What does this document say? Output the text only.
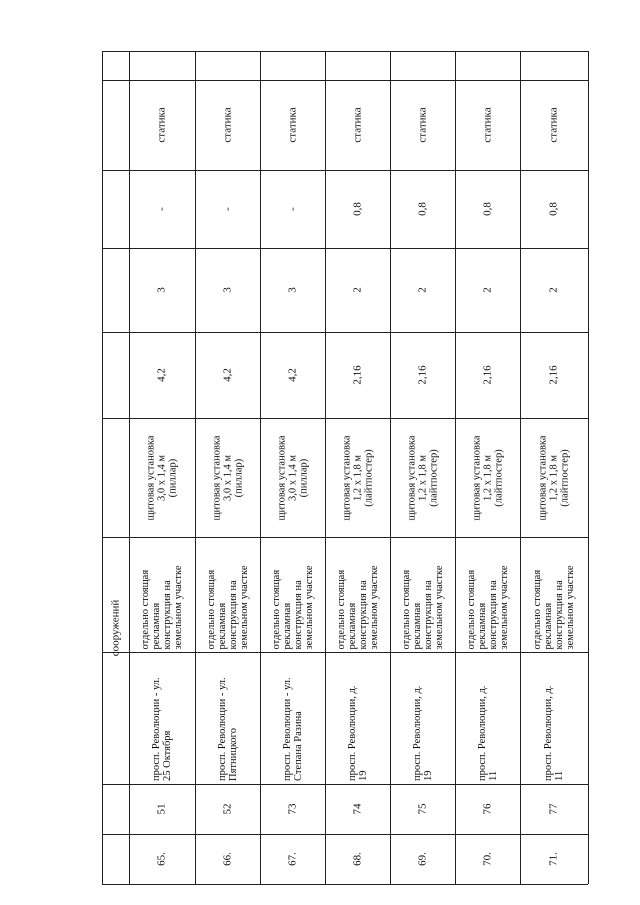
сооружений
статика
-
3
4,2
щитовая установка
3,0 х 1,4 м
(пиллар)
отдельно стоящая
рекламная
конструкция на
земельном участке
просп. Революции - ул.
25 Октября
51
65.
статика
-
3
4,2
щитовая установка
3,0 х 1,4 м
(пиллар)
отдельно стоящая
рекламная
конструкция на
земельном участке
просп. Революции - ул.
Пятницкого
52
66.
статика
-
3
4,2
щитовая установка
3,0 х 1,4 м
(пиллар)
отдельно стоящая
рекламная
конструкция на
земельном участке
просп. Революции - ул.
Степана Разина
73
67.
статика
0,8
2
2,16
щитовая установка
1,2 х 1,8 м
(лайтпостер)
отдельно стоящая
рекламная
конструкция на
земельном участке
просп. Революции, д.
19
74
68.
статика
0,8
2
2,16
щитовая установка
1,2 х 1,8 м
(лайтпостер)
отдельно стоящая
рекламная
конструкция на
земельном участке
просп. Революции, д.
19
75
69.
статика
0,8
2
2,16
щитовая установка
1,2 х 1,8 м
(лайтпостер)
отдельно стоящая
рекламная
конструкция на
земельном участке
просп. Революции, д.
11
76
70.
статика
0,8
2
2,16
щитовая установка
1,2 х 1,8 м
(лайтпостер)
отдельно стоящая
рекламная
конструкция на
земельном участке
просп. Революции, д.
11
77
71.
